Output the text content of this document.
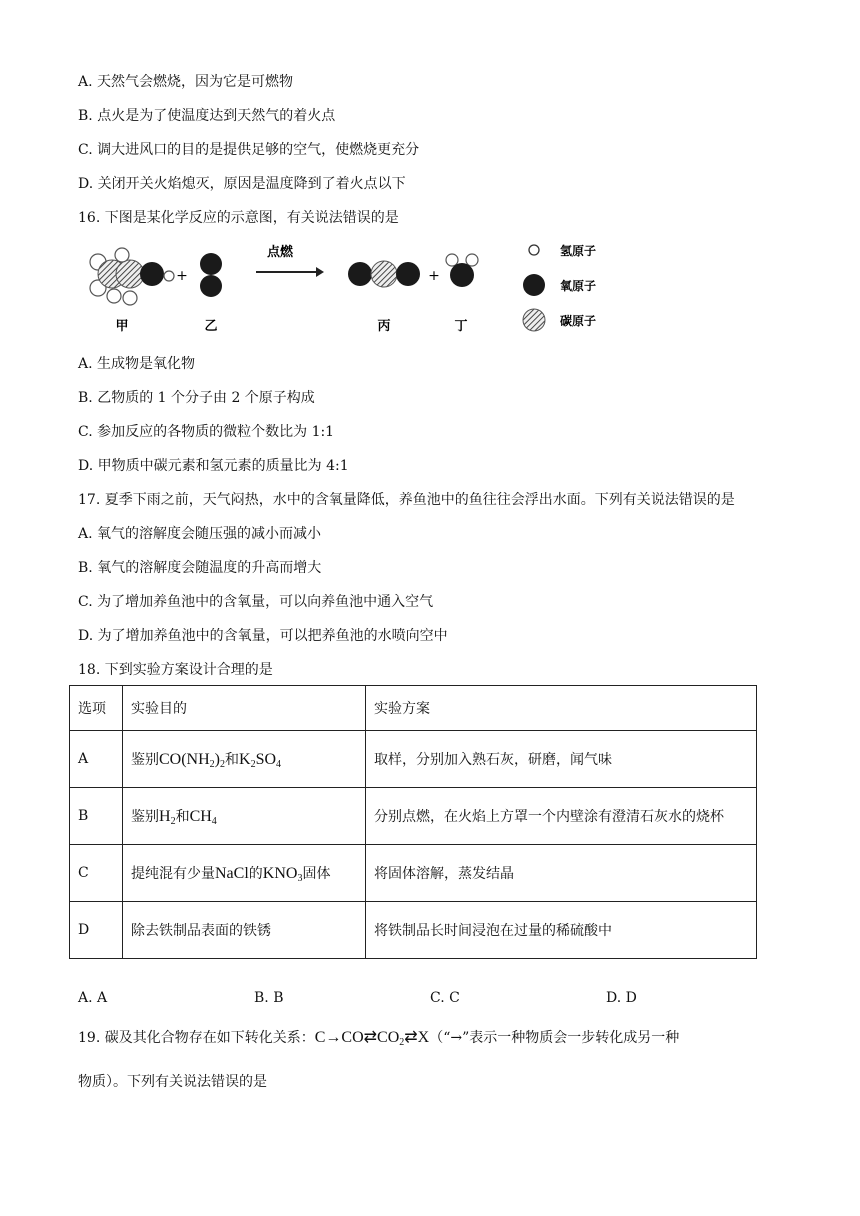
A. 天然气会燃烧，因为它是可燃物
B. 点火是为了使温度达到天然气的着火点
C. 调大进风口的目的是提供足够的空气，使燃烧更充分
D. 关闭开关火焰熄灭，原因是温度降到了着火点以下
16. 下图是某化学反应的示意图，有关说法错误的是
+
点燃
+
甲	乙	丙	丁
氢原子
氧原子
碳原子
A. 生成物是氧化物
B. 乙物质的 1 个分子由 2 个原子构成
C. 参加反应的各物质的微粒个数比为 1:1
D. 甲物质中碳元素和氢元素的质量比为 4:1
17. 夏季下雨之前，天气闷热，水中的含氧量降低，养鱼池中的鱼往往会浮出水面。下列有关说法错误的是
A. 氧气的溶解度会随压强的减小而减小
B. 氧气的溶解度会随温度的升高而增大
C. 为了增加养鱼池中的含氧量，可以向养鱼池中通入空气
D. 为了增加养鱼池中的含氧量，可以把养鱼池的水喷向空中
18. 下到实验方案设计合理的是
选项	实验目的	实验方案
A	鉴别$CO(NH_2)_2$和$K_2SO_4$	取样，分别加入熟石灰，研磨，闻气味
B	鉴别$H_2$和$CH_4$	分别点燃，在火焰上方罩一个内壁涂有澄清石灰水的烧杯
C	提纯混有少量NaCl的$KNO_3$固体	将固体溶解，蒸发结晶
D	除去铁制品表面的铁锈	将铁制品长时间浸泡在过量的稀硫酸中
A. A	B. B	C. C	D. D
19. 碳及其化合物存在如下转化关系：$C\to CO⇄CO_2⇄X(“\to$”表示一种物质会一步转化成另一种
物质）。下列有关说法错误的是
